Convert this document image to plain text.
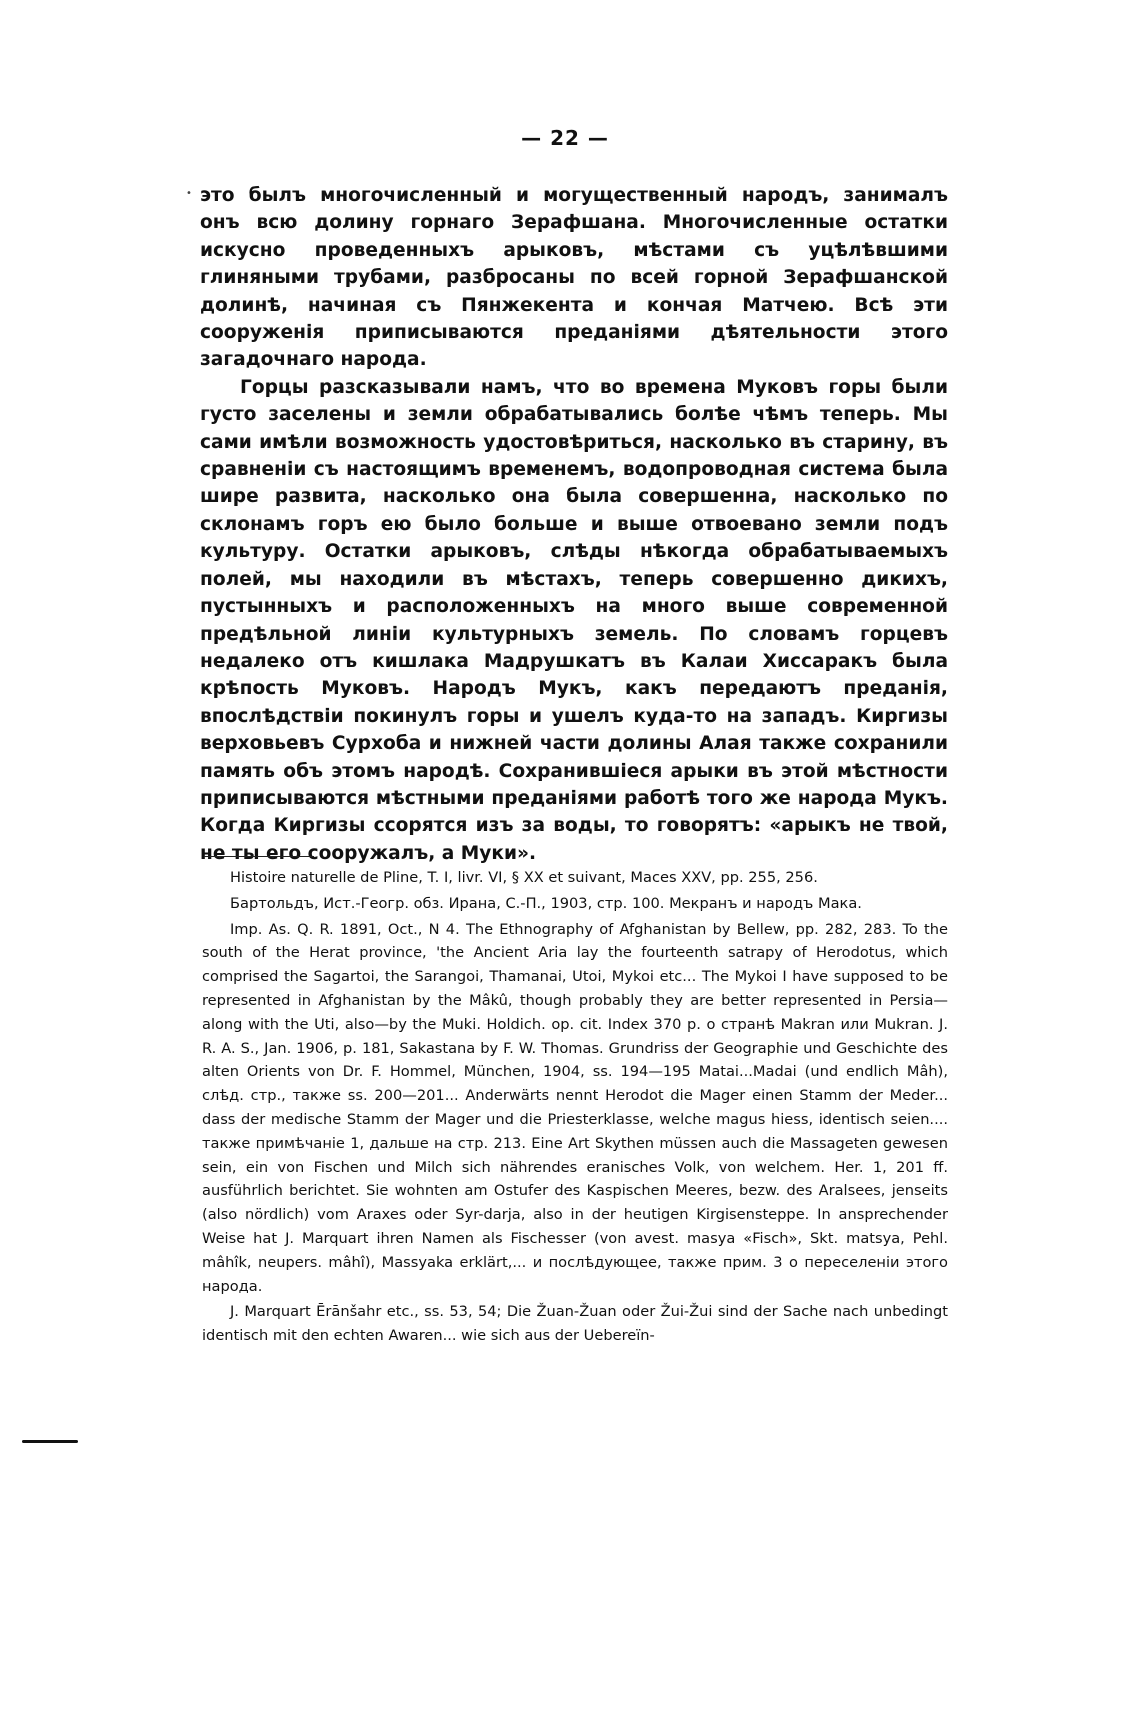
•
— 22 —

это былъ многочисленный и могущественный народъ, занималъ онъ всю долину горнаго Зерафшана. Многочисленные остатки искусно проведенныхъ арыковъ, мѣстами съ уцѣлѣвшими глиняными трубами, разбросаны по всей горной Зерафшанской долинѣ, начиная съ Пянжекента и кончая Матчею. Всѣ эти сооруженія приписываются преданіями дѣятельности этого загадочнаго народа.

Горцы разсказывали намъ, что во времена Муковъ горы были густо заселены и земли обрабатывались болѣе чѣмъ теперь. Мы сами имѣли возможность удостовѣриться, насколько въ старину, въ сравненіи съ настоящимъ временемъ, водопроводная система была шире развита, насколько она была совершенна, насколько по склонамъ горъ ею было больше и выше отвоевано земли подъ культуру. Остатки арыковъ, слѣды нѣкогда обрабатываемыхъ полей, мы находили въ мѣстахъ, теперь совершенно дикихъ, пустынныхъ и расположенныхъ на много выше современной предѣльной линіи культурныхъ земель. По словамъ горцевъ недалеко отъ кишлака Мадрушкатъ въ Калаи Хиссаракъ была крѣпость Муковъ. Народъ Мукъ, какъ передаютъ преданія, впослѣдствіи покинулъ горы и ушелъ куда-то на западъ. Киргизы верховьевъ Сурхоба и нижней части долины Алая также сохранили память объ этомъ народѣ. Сохранившіеся арыки въ этой мѣстности приписываются мѣстными преданіями работѣ того же народа Мукъ. Когда Киргизы ссорятся изъ за воды, то говорятъ: «арыкъ не твой, не ты его сооружалъ, а Муки».

Histoire naturelle de Pline, T. I, livr. VI, § XX et suivant, Maces XXV, pp. 255, 256.

Бартольдъ, Ист.-Геогр. обз. Ирана, С.-П., 1903, стр. 100. Мекранъ и народъ Мака.

Imp. As. Q. R. 1891, Oct., N 4. The Ethnography of Afghanistan by Bellew, pp. 282, 283. To the south of the Herat province, 'the Ancient Aria lay the fourteenth satrapy of Herodotus, which comprised the Sagartoi, the Sarangoi, Thamanai, Utoi, Mykoi etc... The Mykoi I have supposed to be represented in Afghanistan by the Mâkû, though probably they are better represented in Persia—along with the Uti, also—by the Muki. Holdich. op. cit. Index 370 p. о странѣ Makran или Mukran. J. R. A. S., Jan. 1906, p. 181, Sakastana by F. W. Thomas. Grundriss der Geographie und Geschichte des alten Orients von Dr. F. Hommel, München, 1904, ss. 194—195 Matai...Madai (und endlich Mâh), слѣд. стр., также ss. 200—201... Anderwärts nennt Herodot die Mager einen Stamm der Meder... dass der medische Stamm der Mager und die Priesterklasse, welche magus hiess, identisch seien.... также примѣчаніе 1, дальше на стр. 213. Eine Art Skythen müssen auch die Massageten gewesen sein, ein von Fischen und Milch sich nährendes eranisches Volk, von welchem. Her. 1, 201 ff. ausführlich berichtet. Sie wohnten am Ostufer des Kaspischen Meeres, bezw. des Aralsees, jenseits (also nördlich) vom Araxes oder Syr-darja, also in der heutigen Kirgisensteppe. In ansprechender Weise hat J. Marquart ihren Namen als Fischesser (von avest. masya «Fisch», Skt. matsya, Pehl. mâhîk, neupers. mâhî), Massyaka erklärt,... и послѣдующее, также прим. 3 о переселеніи этого народа.

J. Marquart Ērānšahr etc., ss. 53, 54; Die Žuan-Žuan oder Žui-Žui sind der Sache nach unbedingt identisch mit den echten Awaren... wie sich aus der Uebereïn-
